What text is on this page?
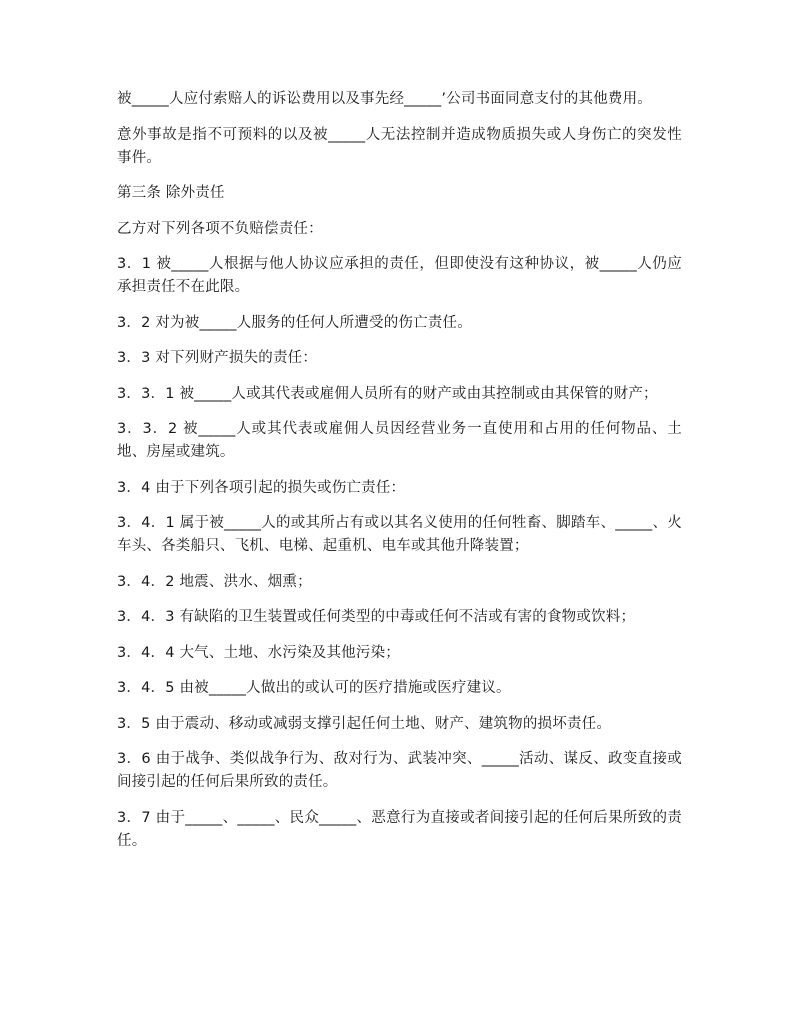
被_____人应付索赔人的诉讼费用以及事先经_____’公司书面同意支付的其他费用。

意外事故是指不可预料的以及被_____人无法控制并造成物质损失或人身伤亡的突发性事件。

第三条 除外责任

乙方对下列各项不负赔偿责任：

3．1 被_____人根据与他人协议应承担的责任，但即使没有这种协议，被_____人仍应承担责任不在此限。

3．2 对为被_____人服务的任何人所遭受的伤亡责任。

3．3 对下列财产损失的责任：

3．3．1 被_____人或其代表或雇佣人员所有的财产或由其控制或由其保管的财产；

3．3．2 被_____人或其代表或雇佣人员因经营业务一直使用和占用的任何物品、土地、房屋或建筑。

3．4 由于下列各项引起的损失或伤亡责任：

3．4．1 属于被_____人的或其所占有或以其名义使用的任何牲畜、脚踏车、_____、火车头、各类船只、飞机、电梯、起重机、电车或其他升降装置；

3．4．2 地震、洪水、烟熏；

3．4．3 有缺陷的卫生装置或任何类型的中毒或任何不洁或有害的食物或饮料；

3．4．4 大气、土地、水污染及其他污染；

3．4．5 由被_____人做出的或认可的医疗措施或医疗建议。

3．5 由于震动、移动或减弱支撑引起任何土地、财产、建筑物的损坏责任。

3．6 由于战争、类似战争行为、敌对行为、武装冲突、_____活动、谋反、政变直接或间接引起的任何后果所致的责任。

3．7 由于_____、_____、民众_____、恶意行为直接或者间接引起的任何后果所致的责任。
